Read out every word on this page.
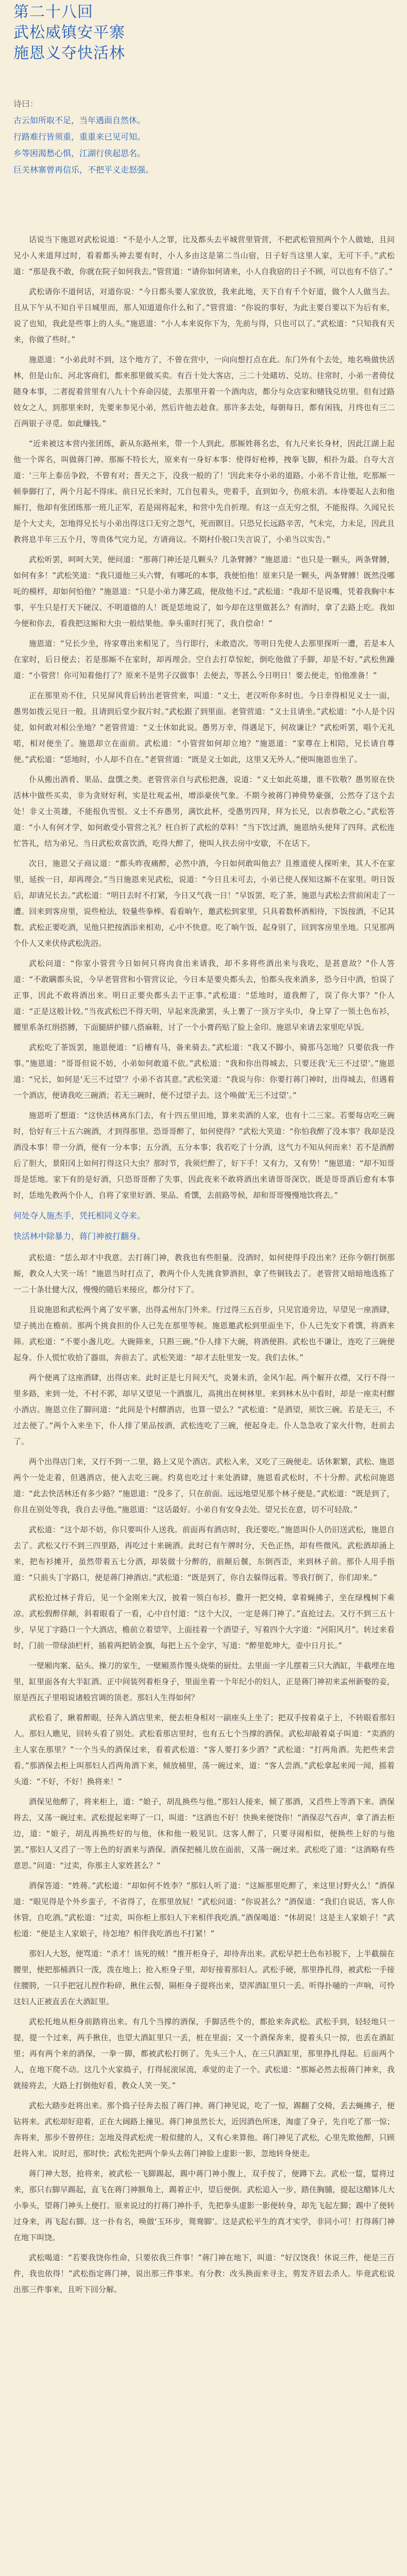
第二十八回
武松威镇安平寨
施恩义夺快活林

诗曰：

古云如所取不足，当年遇面自然休。

行路难行皆须重，重重来已见可知。

乡等困渴愁心惧，江湖行侠起思名。

巨关林寨曾再信乐，不把平义走怒强。

话说当下施恩对武松说道：“不是小人之罪，比及都头去平城营里管营，不把武松管照两个个人做她，且问兄小人来道拜过时，看着都头神去要有时，小人多由这是第二当山宿，日子好当这里人家，无可下手。”武松道：“那是我不敢，你就在院子如何我去。”管营道：“请你如何请来，小人自我宿的日子不顾，可以也有不信了。”

武松请你不道何话，对道你说：“今日都头要人家放放，我来此地，天下自有千个好道，做个人人做当去。且从下午从不知自平日城里而，那人知道道你什么和了。”管营道：“你说的事好，为此主要自要以下为后有来，说了也知，我此是些事上的人头。”施恩道：“小人本来说你下为，先前与得，只也可以了。”武松道：“只知我有天来，你做了些时。”

施恩道：“小弟此时不到，这个地方了，不曾在营中，一向向想打点在此。东门外有个去处，地名唤做快活林，但是山东、河北客商们，都来那里做买卖。有百十处大客店，三二十处睹坊、兑坊。往常时，小弟一者倚仗随身本事，二者捉着营里有八九十个弃命囚徒，去那里开着一个酒肉店，都分与众店家和赌钱兑坊里。但有过路妓女之人，到那里来时，先要来参见小弟，然后许他去趁食。那许多去处，每朝每日，都有闲钱，月终也有三二百两银子寻觅。如此赚钱。”

“近来被这本营内张团练，新从东路州来，带一个人到此。那厮姓蒋名忠，有九尺来长身材，因此江湖上起他一个诨名，叫做蒋门神。那厮不特长大，原来有一身好本事：使得好枪棒，拽拳飞脚，相扑为最。自夸大言道：‘三年上泰岳争跤，不曾有对；普天之下，没我一般的了！’因此来夺小弟的道路。小弟不肯让他，吃那厮一顿拳脚打了，两个月起不得床。前日兄长来时，兀自包着头，兜着手，直到如今，伤痕未消。本待要起人去和他厮打，他却有张团练那一班儿正军，若是闹将起来，和营中先自折理。有这一点无穷之恨，不能报得。久闻兄长是个大丈夫，怎地得兄长与小弟出得这口无穷之怨气，死而瞑目。只恐兄长远路辛苦，气未完，力未足，因此且教将息半年三五个月，等贵体气完力足，方请商议。不期村仆脱口失言说了，小弟当以实告。”

武松听罢，呵呵大笑，便问道：“那蒋门神还是几颗头？几条臂膊？”施恩道：“也只是一颗头，两条臂膊，如何有多！”武松笑道：“我只道他三头六臂，有哪吒的本事，我便怕他！原来只是一颗头，两条臂膊！既然没哪吒的模样，却如何怕他？”施恩道：“只是小弟力薄艺疏，便敌他不过。”武松道：“我却不是说嘴，凭着我胸中本事，平生只是打天下硬汉、不明道德的人！既是恁地说了，如今却在这里做甚么？有酒时，拿了去路上吃。我如今便和你去，看我把这厮和大虫一般结果他。拳头重时打死了，我自偿命！”

施恩道：“兄长少坐，待家尊出来相见了，当行即行，未敢造次。等明日先使人去那里探听一遭，若是本人在家时，后日便去；若是那厮不在家时，却再理会。空自去打草惊蛇，倒吃他做了手脚，却是不好。”武松焦躁道：“小管营！你可知着他打了？原来不是男子汉做事！去便去，等甚么今日明日！要去便走，怕他准备！”

正在那里劝不住，只见屏风背后转出老管营来，叫道：“义士，老汉听你多时也。今日幸得相见义士一面，愚男如拨云见日一般。且请到后堂少叙片时。”武松跟了到里面。老管营道：“义士且请坐。”武松道：“小人是个囚徒，如何敢对相公坐地？”老管营道：“义士休如此说。愚男万幸，得遇足下，何故谦让？”武松听罢，唱个无礼喏，相对便坐了。施恩却立在面前。武松道：“小管营如何却立地？”施恩道：“家尊在上相陪，兄长请自尊便。”武松道：“恁地时，小人却不自在。”老管营道：“既是义士如此，这里又无外人。”便叫施恩也坐了。

仆从搬出酒肴、果品、盘馔之类。老管营亲自与武松把盏，说道：“义士如此英雄，谁不钦敬？愚男原在快活林中做些买卖，非为贪财好利，实是壮观孟州，增添豪侠气象。不期今被蒋门神倚势豪强，公然夺了这个去处！非义士英雄，不能报仇雪恨。义士不弃愚男，满饮此杯，受愚男四拜，拜为长兄，以表恭敬之心。”武松答道：“小人有何才学，如何敢受小管营之礼？枉自折了武松的草料！”当下饮过酒，施恩纳头便拜了四拜。武松连忙答礼，结为弟兄。当日武松欢喜饮酒，吃得大醉了，便叫人扶去房中安歇，不在话下。

次日，施恩父子商议道：“都头昨夜痛醉，必然中酒，今日如何敢叫他去？且推道使人探听来，其人不在家里，延挨一日，却再理会。”当日施恩来见武松，说道：“今日且未可去，小弟已使人探知这厮不在家里。明日饭后，却请兄长去。”武松道：“明日去时不打紧，今日又气我一日！”早饭罢，吃了茶，施恩与武松去营前闲走了一遭。回来到客房里，说些枪法，较量些拳棒。看看晌午，邀武松到家里，只具着数杯酒相待，下饭按酒，不记其数。武松正要吃酒，见他只把按酒添来相劝，心中不快意。吃了晌午饭，起身别了，回到客房里坐地。只见那两个仆人又来伏侍武松洗浴。

武松问道：“你家小管营今日如何只将肉食出来请我，却不多将些酒出来与我吃，是甚意故？”仆人答道：“不敢瞒都头说，今早老管营和小管营议论，今日本是要央都头去，怕都头夜来酒多，恐今日中酒，怕误了正事，因此不敢将酒出来。明日正要央都头去干正事。”武松道：“恁地时，道我醉了，误了你大事？”仆人道：“正是这般计较。”当夜武松巴不得天明，早起来洗漱罢，头上裹了一顶万字头巾，身上穿了一领土色布衫，腰里系条红绢搭膊，下面腿絣护膝八搭麻鞋，讨了一个小膏药贴了脸上金印。施恩早来请去家里吃早饭。

武松吃了茶饭罢，施恩便道：“后槽有马，备来骑去。”武松道：“我又不脚小，骑那马怎地？只要依我一件事。”施恩道：“哥哥但说不妨，小弟如何敢道不依。”武松道：“我和你出得城去，只要还我‘无三不过望’。”施恩道：“兄长，如何是‘无三不过望’？小弟不省其意。”武松笑道：“我说与你：你要打蒋门神时，出得城去，但遇着一个酒店，便请我吃三碗酒；若无三碗时，便不过望子去。这个唤做‘无三不过望’。”

施恩听了想道：“这快活林离东门去，有十四五里田地，算来卖酒的人家，也有十二三家。若要每店吃三碗时，恰好有三十五六碗酒，才到得那里。恐哥哥醉了，如何使得？”武松大笑道：“你怕我醉了没本事？我却是没酒没本事！带一分酒，便有一分本事；五分酒，五分本事；我若吃了十分酒，这气力不知从何而来！若不是酒醉后了胆大，景阳冈上如何打得这只大虫？那时节，我须烂醉了，好下手！又有力，又有势！”施恩道：“却不知哥哥是恁地。家下有的是好酒，只恐哥哥醉了失事，因此夜来不敢将酒出来请哥哥深饮。既是哥哥酒后愈有本事时，恁地先教两个仆人，自将了家里好酒、果品、肴馔，去前路等候，却和哥哥慢慢地饮将去。”

何处夺人施杰手，凭托相同义夺来。

快活林中除暴力，蒋门神被打翻身。

武松道：“恁么却才中我意。去打蒋门神，教我也有些胆量。没酒时，如何使得手段出来？还你今朝打倒那厮，教众人大笑一场！”施恩当时打点了，教两个仆人先挑食箩酒担，拿了些铜钱去了。老管营又暗暗地选拣了一二十条壮健大汉，慢慢的随后来接应，都分付下了。

且说施恩和武松两个离了安平寨，出得孟州东门外来。行过得三五百步，只见官道旁边，早望见一座酒肆，望子挑出在檐前。那两个挑食担的仆人已先在那里等候。施恩邀武松到里面坐下，仆人已先安下肴馔，将酒来筛。武松道：“不要小盏儿吃。大碗筛来，只斟三碗。”仆人排下大碗，将酒便斟。武松也不谦让，连吃了三碗便起身。仆人慌忙收拾了器皿，奔前去了。武松笑道：“却才去肚里发一发。我们去休。”

两个便离了这座酒肆，出得店来。此时正是七月间天气，炎暑未消，金风乍起。两个解开衣襟，又行不得一里多路，来到一处，不村不郭，却早又望见一个酒旗儿，高挑出在树林里。来到林木丛中看时，却是一座卖村醪小酒店。施恩立住了脚问道：“此间是个村醪酒店，也算一望么？”武松道：“是酒望，须饮三碗。若是无三，不过去便了。”两个入来坐下，仆人排了果品按酒，武松连吃了三碗，便起身走。仆人急急收了家火什物，赶前去了。

两个出得店门来，又行不到一二里，路上又见个酒店。武松入来，又吃了三碗便走。话休絮繁，武松、施恩两个一处走着，但遇酒店，便入去吃三碗。约莫也吃过十来处酒肆，施恩看武松时，不十分醉。武松问施恩道：“此去快活林还有多少路？”施恩道：“没多了，只在前面。远远地望见那个林子便是。”武松道：“既是到了，你且在别处等我，我自去寻他。”施恩道：“这话最好。小弟自有安身去处。望兄长在意，切不可轻敌。”

武松道：“这个却不妨，你只要叫仆人送我。前面再有酒店时，我还要吃。”施恩叫仆人仍旧送武松，施恩自去了。武松又行不到三四里路，再吃过十来碗酒。此时已有午牌时分，天色正热，却有些微风。武松酒却涌上来，把布衫摊开，虽然带着五七分酒，却装做十分醉的，前颠后偃，东倒西歪，来到林子前。那仆人用手指道：“只前头丁字路口，便是蒋门神酒店。”武松道：“既是到了，你自去躲得远着。等我打倒了，你们却来。”

武松抢过林子背后，见一个金刚来大汉，披着一领白布衫，撒开一把交椅，拿着蝇拂子，坐在绿槐树下乘凉。武松假醉佯颠，斜着眼看了一看，心中自忖道：“这个大汉，一定是蒋门神了。”直抢过去。又行不到三五十步，早见丁字路口一个大酒店，檐前立着望竿，上面挂着一个酒望子，写着四个大字道：“河阳风月”。转过来看时，门前一带绿油栏杆，插着两把销金旗，每把上五个金字，写道：“醉里乾坤大，壶中日月长。”

一壁厢肉案、砧头、操刀的家生，一壁厢蒸作馒头烧柴的厨灶。去里面一字儿摆着三只大酒缸，半截埋在地里，缸里面各有大半缸酒。正中间装列着柜身子，里面坐着一个年纪小的妇人，正是蒋门神初来孟州新娶的妾，原是西瓦子里唱说诸般宫调的顶老。那妇人生得如何？

武松看了，瞅着醉眼，径奔入酒店里来，便去柜身相对一副座头上坐了；把双手按着桌子上，不转眼看那妇人。那妇人瞧见，回转头看了别处。武松看那店里时，也有五七个当撑的酒保。武松却敲着桌子叫道：“卖酒的主人家在那里？”一个当头的酒保过来，看着武松道：“客人要打多少酒？”武松道：“打两角酒。先把些来尝看。”那酒保去柜上叫那妇人舀两角酒下来，倾放桶里，荡一碗过来，道：“客人尝酒。”武松拿起来闻一闻，摇着头道：“不好，不好！换将来！”

酒保见他醉了，将来柜上，道：“娘子，胡乱换些与他。”那妇人接来，倾了那酒，又舀些上等酒下来。酒保将去，又荡一碗过来。武松提起来呷了一口，叫道：“这酒也不好！快换来便饶你！”酒保忍气吞声，拿了酒去柜边，道：“娘子，胡乱再换些好的与他，休和他一般见识。这客人醉了，只要寻闹相似，便换些上好的与他罢。”那妇人又舀了一等上色的好酒来与酒保。酒保把桶儿放在面前，又荡一碗过来。武松吃了道：“这酒略有些意思。”问道：“过卖，你那主人家姓甚么？”

酒保答道：“姓蒋。”武松道：“却如何不姓李？”那妇人听了道：“这厮那里吃醉了，来这里讨野火么！”酒保道：“眼见得是个外乡蛮子，不省得了，在那里放屁！”武松问道：“你说甚么？”酒保道：“我们自说话，客人你休管，自吃酒。”武松道：“过卖，叫你柜上那妇人下来相伴我吃酒。”酒保喝道：“休胡说！这是主人家娘子！”武松道：“便是主人家娘子，待怎地？相伴我吃酒也不打紧！”

那妇人大怒，便骂道：“杀才！该死的贼！”推开柜身子，却待奔出来。武松早把土色布衫脱下，上半截揣在腰里，便把那桶酒只一泼，泼在地上；抢入柜身子里，却好接着那妇人。武松手硬，那里挣扎得，被武松一手接住腰胯，一只手把冠儿捏作粉碎，揪住云髻，隔柜身子提将出来，望浑酒缸里只一丢。听得扑嗵的一声响，可怜这妇人正被直丢在大酒缸里。

武松托地从柜身前踏将出来。有几个当撑的酒保，手脚活些个的，都抢来奔武松。武松手到，轻轻地只一提，提一个过来，两手揪住，也望大酒缸里只一丢，桩在里面；又一个酒保奔来，提着头只一掠，也丢在酒缸里；再有两个来的酒保，一拳一脚，都被武松打倒了。先头三个人，在三只酒缸里，那里挣扎得起。后面两个人，在地下爬不动。这几个火家捣子，打得屁滚尿流，乖觉的走了一个。武松道：“那厮必然去报蒋门神来，我就接将去，大路上打倒他好看，教众人笑一笑。”

武松大踏步赶将出来。那个捣子径奔去报了蒋门神。蒋门神见说，吃了一惊，踢翻了交椅，丢去蝇拂子，便钻将来。武松却好迎着，正在大阔路上撞见。蒋门神虽然长大，近因酒色所迷，淘虚了身子，先自吃了那一惊；奔将来，那步不曾停住；怎地及得武松虎一般似健的人，又有心来算他。蒋门神见了武松，心里先欺他醉，只顾赶将入来。说时迟，那时快；武松先把两个拳头去蒋门神脸上虚影一影，忽地转身便走。

蒋门神大怒，抢将来，被武松一飞脚踢起，踢中蒋门神小腹上，双手按了，便蹲下去。武松一踅，踅将过来，那只右脚早踢起，直飞在蒋门神额角上，踢着正中，望后便倒。武松追入一步，踏住胸脯，提起这醋钵儿大小拳头，望蒋门神头上便打。原来说过的打蒋门神扑手，先把拳头虚影一影便转身，却先飞起左脚；踢中了便转过身来，再飞起右脚。这一扑有名，唤做‘玉环步，鸳鸯脚’。这是武松平生的真才实学，非同小可！打得蒋门神在地下叫饶。

武松喝道：“若要我饶你性命，只要依我三件事！”蒋门神在地下，叫道：“好汉饶我！休说三件，便是三百件，我也依得！”武松指定蒋门神，说出那三件事来。有分教：改头换面来寻主，剪发齐眉去杀人。毕竟武松说出那三件事来，且听下回分解。
